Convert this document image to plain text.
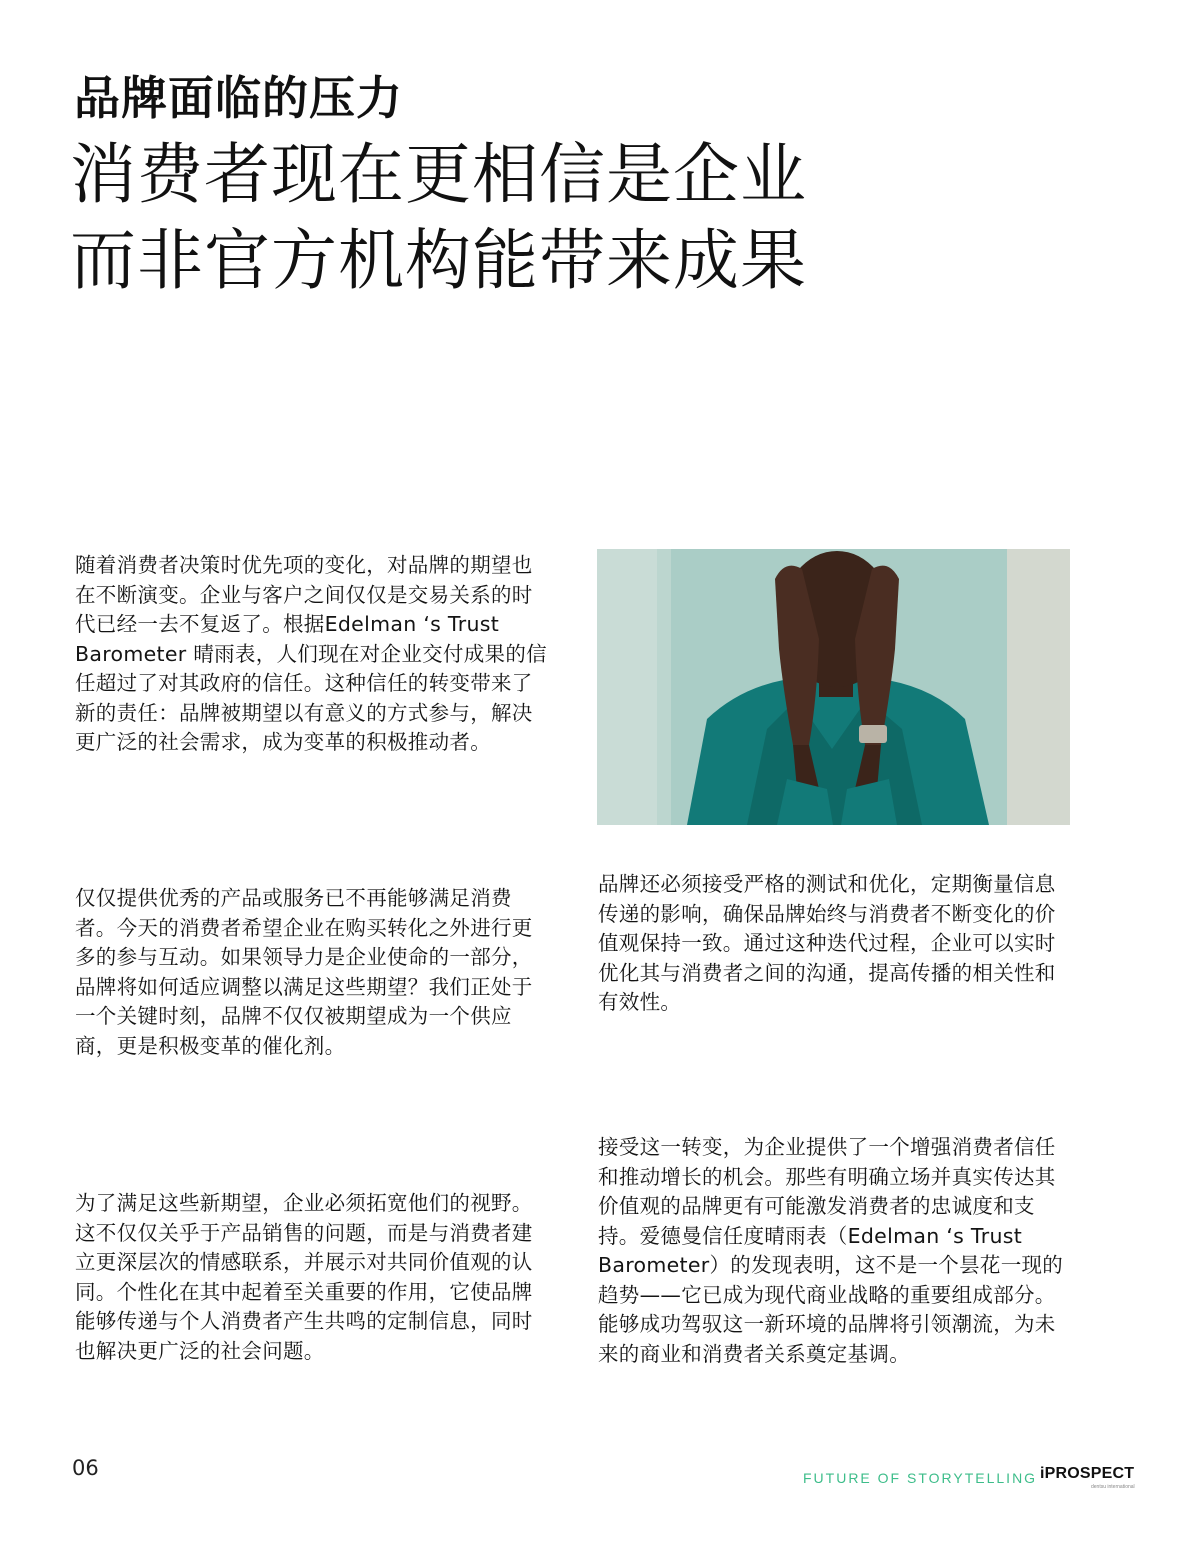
品牌面临的压力
消费者现在更相信是企业
而非官方机构能带来成果

随着消费者决策时优先项的变化，对品牌的期望也在不断演变。企业与客户之间仅仅是交易关系的时代已经一去不复返了。根据Edelman ‘s Trust Barometer 晴雨表，人们现在对企业交付成果的信任超过了对其政府的信任。这种信任的转变带来了新的责任：品牌被期望以有意义的方式参与，解决更广泛的社会需求，成为变革的积极推动者。

仅仅提供优秀的产品或服务已不再能够满足消费者。今天的消费者希望企业在购买转化之外进行更多的参与互动。如果领导力是企业使命的一部分，品牌将如何适应调整以满足这些期望？我们正处于一个关键时刻，品牌不仅仅被期望成为一个供应商，更是积极变革的催化剂。

为了满足这些新期望，企业必须拓宽他们的视野。这不仅仅关乎于产品销售的问题，而是与消费者建立更深层次的情感联系，并展示对共同价值观的认同。个性化在其中起着至关重要的作用，它使品牌能够传递与个人消费者产生共鸣的定制信息，同时也解决更广泛的社会问题。

品牌还必须接受严格的测试和优化，定期衡量信息传递的影响，确保品牌始终与消费者不断变化的价值观保持一致。通过这种迭代过程，企业可以实时优化其与消费者之间的沟通，提高传播的相关性和有效性。

接受这一转变，为企业提供了一个增强消费者信任和推动增长的机会。那些有明确立场并真实传达其价值观的品牌更有可能激发消费者的忠诚度和支持。爱德曼信任度晴雨表（Edelman ‘s Trust Barometer）的发现表明，这不是一个昙花一现的趋势——它已成为现代商业战略的重要组成部分。能够成功驾驭这一新环境的品牌将引领潮流，为未来的商业和消费者关系奠定基调。

06	FUTURE OF STORYTELLING iPROSPECT
dentsu international
